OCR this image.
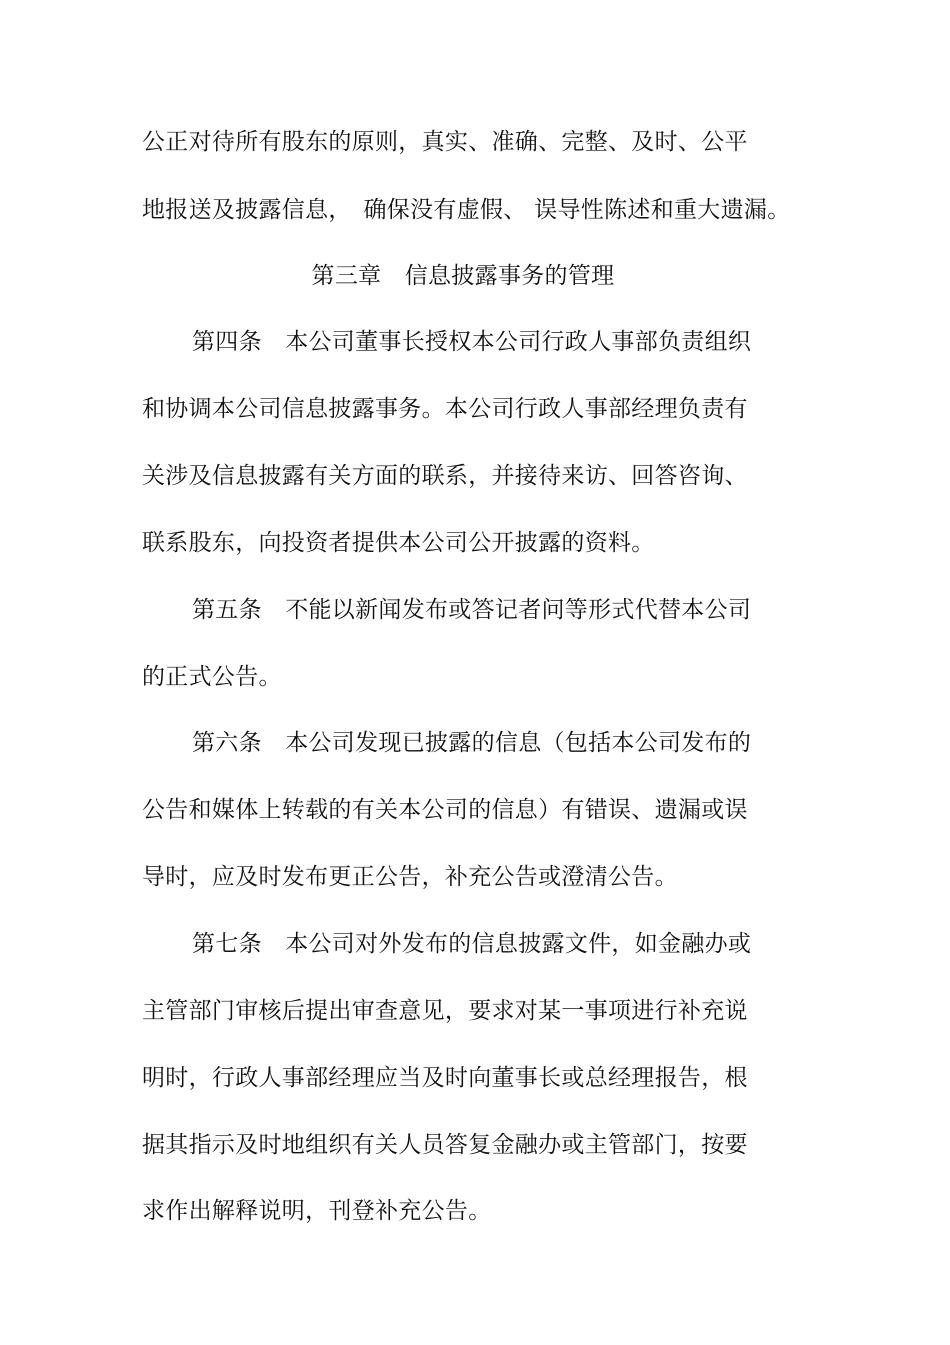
公正对待所有股东的原则，真实、准确、完整、及时、公平
地报送及披露信息，　确保没有虚假、 误导性陈述和重大遗漏。
第三章　信息披露事务的管理
第四条　本公司董事长授权本公司行政人事部负责组织
和协调本公司信息披露事务。本公司行政人事部经理负责有
关涉及信息披露有关方面的联系，并接待来访、回答咨询、
联系股东，向投资者提供本公司公开披露的资料。
第五条　不能以新闻发布或答记者问等形式代替本公司
的正式公告。
第六条　本公司发现已披露的信息（包括本公司发布的
公告和媒体上转载的有关本公司的信息）有错误、遗漏或误
导时，应及时发布更正公告，补充公告或澄清公告。
第七条　本公司对外发布的信息披露文件，如金融办或
主管部门审核后提出审查意见，要求对某一事项进行补充说
明时，行政人事部经理应当及时向董事长或总经理报告，根
据其指示及时地组织有关人员答复金融办或主管部门，按要
求作出解释说明，刊登补充公告。
